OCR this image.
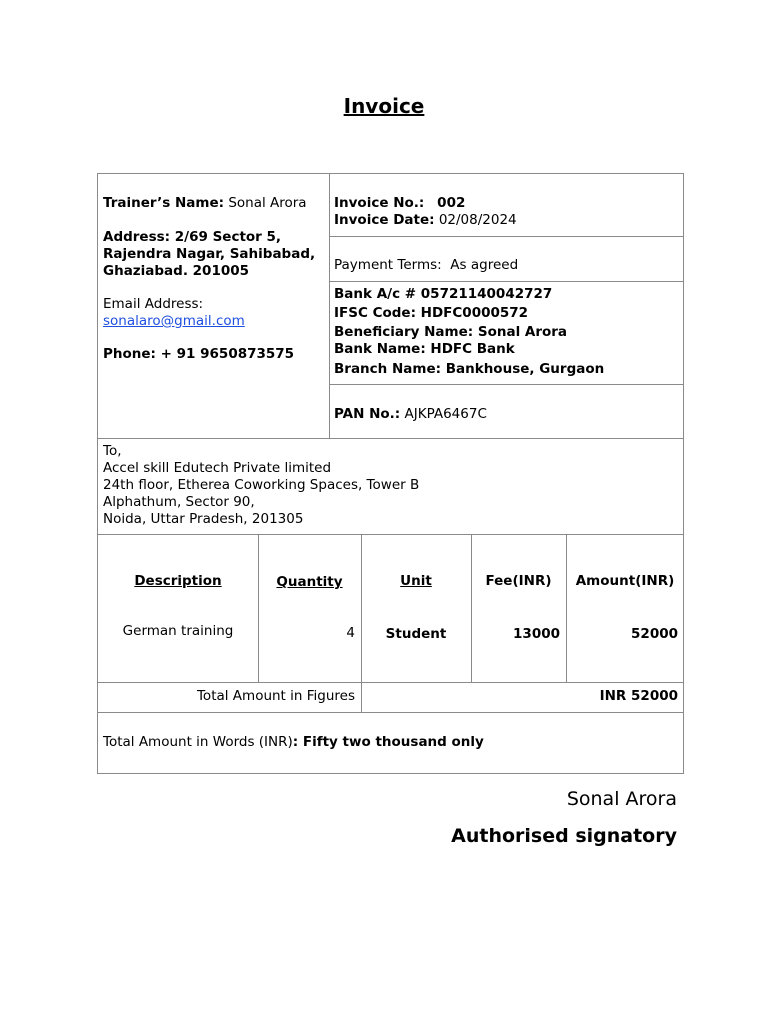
Invoice
Trainer’s Name: Sonal Arora
Address: 2/69 Sector 5,
Rajendra Nagar, Sahibabad,
Ghaziabad. 201005
Email Address:
sonalaro@gmail.com
Phone: + 91 9650873575
Invoice No.: 002
Invoice Date: 02/08/2024
Payment Terms: As agreed
Bank A/c # 05721140042727
IFSC Code: HDFC0000572
Beneficiary Name: Sonal Arora
Bank Name: HDFC Bank
Branch Name: Bankhouse, Gurgaon
PAN No.: AJKPA6467C
To,
Accel skill Edutech Private limited
24th floor, Etherea Coworking Spaces, Tower B
Alphathum, Sector 90,
Noida, Uttar Pradesh, 201305
Description	Quantity	Unit	Fee(INR)	Amount(INR)
German training	4	Student	13000	52000
Total Amount in Figures	INR 52000
Total Amount in Words (INR): Fifty two thousand only
Sonal Arora
Authorised signatory
